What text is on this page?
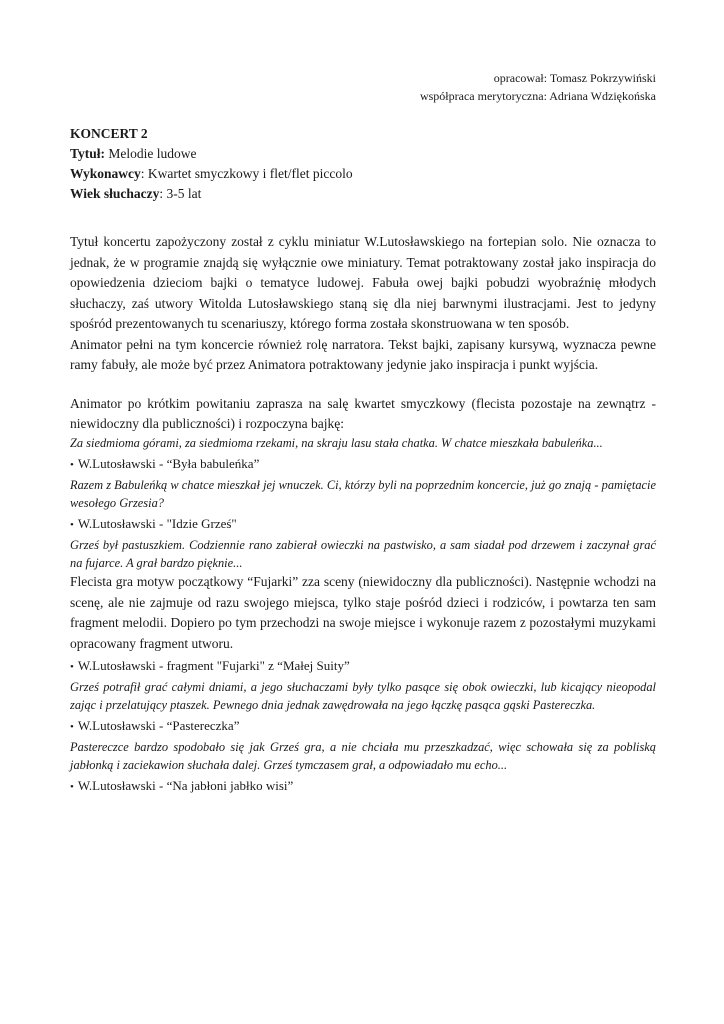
opracował: Tomasz Pokrzywiński
współpraca merytoryczna: Adriana Wdziękońska
KONCERT 2
Tytuł: Melodie ludowe
Wykonawcy: Kwartet smyczkowy i flet/flet piccolo
Wiek słuchaczy: 3-5 lat

Tytuł koncertu zapożyczony został z cyklu miniatur W.Lutosławskiego na fortepian solo. Nie oznacza to jednak, że w programie znajdą się wyłącznie owe miniatury. Temat potraktowany został jako inspiracja do opowiedzenia dzieciom bajki o tematyce ludowej. Fabuła owej bajki pobudzi wyobraźnię młodych słuchaczy, zaś utwory Witolda Lutosławskiego staną się dla niej barwnymi ilustracjami. Jest to jedyny spośród prezentowanych tu scenariuszy, którego forma została skonstruowana w ten sposób.

Animator pełni na tym koncercie również rolę narratora. Tekst bajki, zapisany kursywą, wyznacza pewne ramy fabuły, ale może być przez Animatora potraktowany jedynie jako inspiracja i punkt wyjścia.

Animator po krótkim powitaniu zaprasza na salę kwartet smyczkowy (flecista pozostaje na zewnątrz - niewidoczny dla publiczności) i rozpoczyna bajkę:

Za siedmioma górami, za siedmioma rzekami, na skraju lasu stała chatka. W chatce mieszkała babuleńka...

• W.Lutosławski - “Była babuleńka”

Razem z Babuleńką w chatce mieszkał jej wnuczek. Ci, którzy byli na poprzednim koncercie, już go znają - pamiętacie wesołego Grzesia?

• W.Lutosławski - "Idzie Grześ"

Grześ był pastuszkiem. Codziennie rano zabierał owieczki na pastwisko, a sam siadał pod drzewem i zaczynał grać na fujarce. A grał bardzo pięknie...

Flecista gra motyw początkowy “Fujarki” zza sceny (niewidoczny dla publiczności). Następnie wchodzi na scenę, ale nie zajmuje od razu swojego miejsca, tylko staje pośród dzieci i rodziców, i powtarza ten sam fragment melodii. Dopiero po tym przechodzi na swoje miejsce i wykonuje razem z pozostałymi muzykami opracowany fragment utworu.

• W.Lutosławski - fragment "Fujarki" z “Małej Suity”

Grześ potrafił grać całymi dniami, a jego słuchaczami były tylko pasące się obok owieczki, lub kicający nieopodal zając i przelatujący ptaszek. Pewnego dnia jednak zawędrowała na jego łączkę pasąca gąski Pastereczka.

• W.Lutosławski - “Pastereczka”

Pastereczce bardzo spodobało się jak Grześ gra, a nie chciała mu przeszkadzać, więc schowała się za pobliską jabłonką i zaciekawion słuchała dalej. Grześ tymczasem grał, a odpowiadało mu echo...

• W.Lutosławski - “Na jabłoni jabłko wisi”
